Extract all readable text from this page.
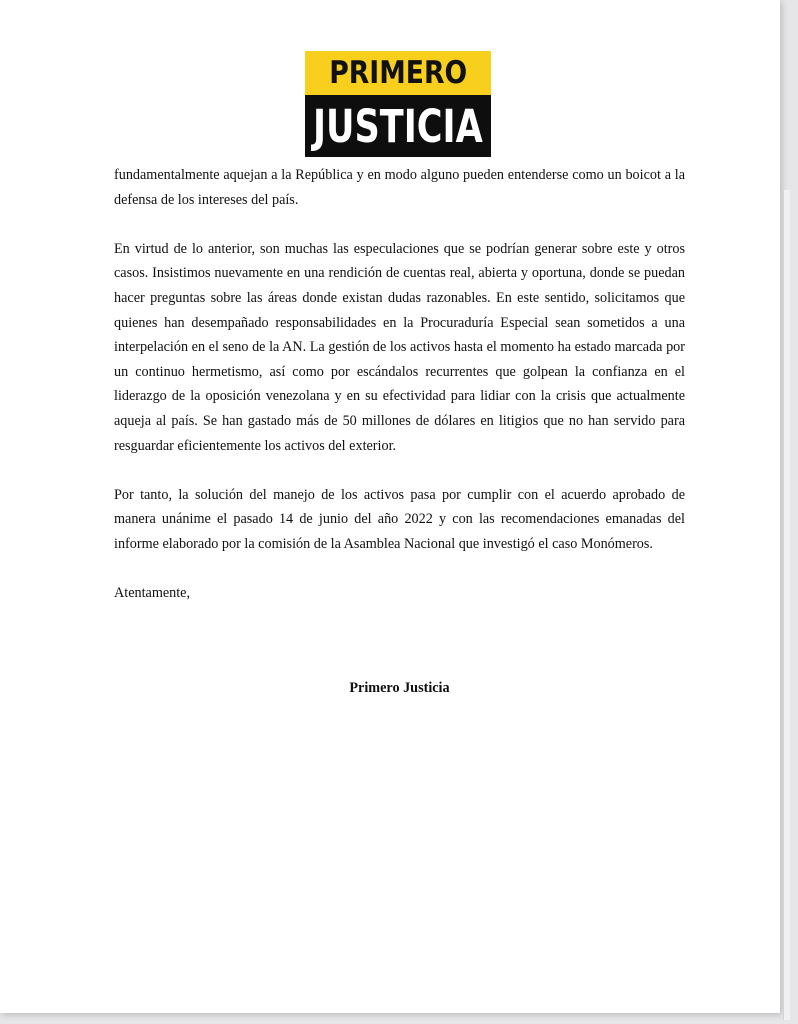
PRIMERO
JUSTICIA

fundamentalmente aquejan a la República y en modo alguno pueden entenderse como un boicot a la defensa de los intereses del país.

En virtud de lo anterior, son muchas las especulaciones que se podrían generar sobre este y otros casos. Insistimos nuevamente en una rendición de cuentas real, abierta y oportuna, donde se puedan hacer preguntas sobre las áreas donde existan dudas razonables. En este sentido, solicitamos que quienes han desempañado responsabilidades en la Procuraduría Especial sean sometidos a una interpelación en el seno de la AN. La gestión de los activos hasta el momento ha estado marcada por un continuo hermetismo, así como por escándalos recurrentes que golpean la confianza en el liderazgo de la oposición venezolana y en su efectividad para lidiar con la crisis que actualmente aqueja al país. Se han gastado más de 50 millones de dólares en litigios que no han servido para resguardar eficientemente los activos del exterior.

Por tanto, la solución del manejo de los activos pasa por cumplir con el acuerdo aprobado de manera unánime el pasado 14 de junio del año 2022 y con las recomendaciones emanadas del informe elaborado por la comisión de la Asamblea Nacional que investigó el caso Monómeros.

Atentamente,

Primero Justicia
